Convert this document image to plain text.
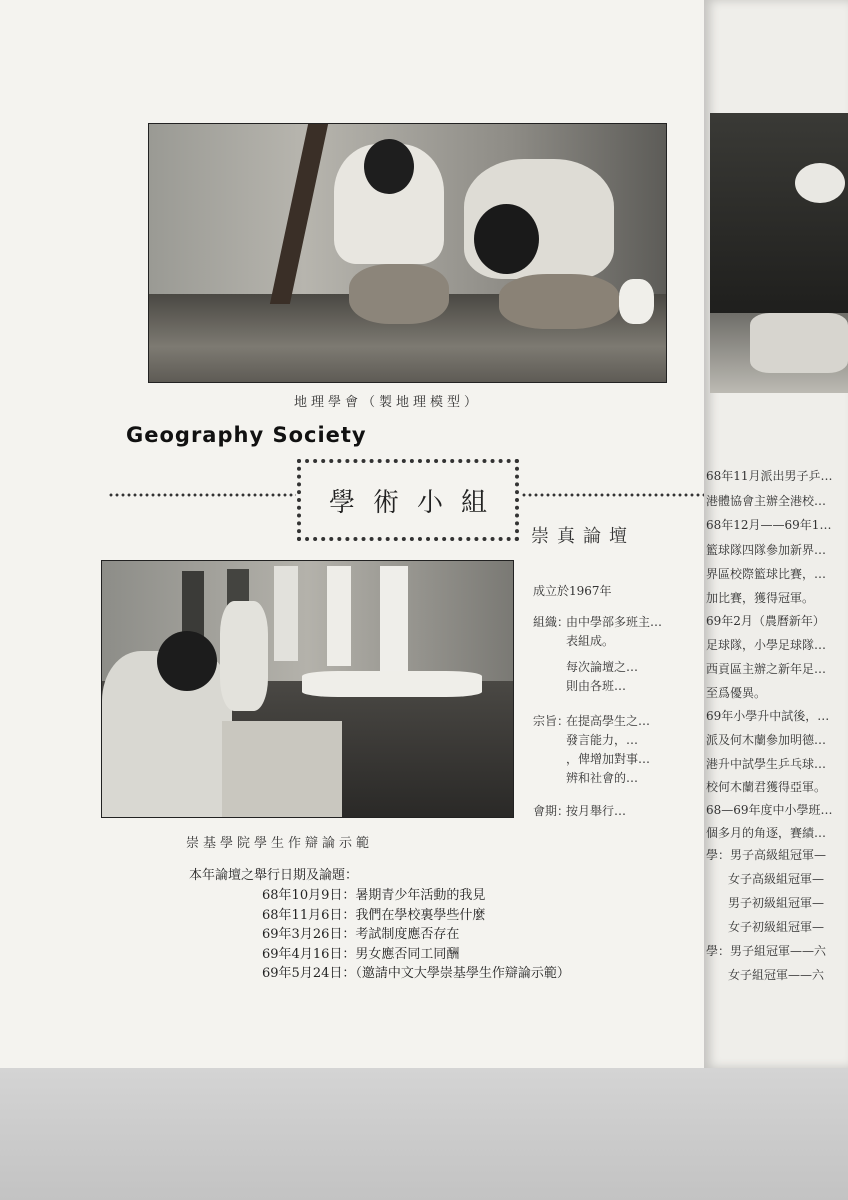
地理學會（製地理模型）
Geography Society
學術小組
崇真論壇
崇基學院學生作辯論示範
成立於1967年
組織：
由中學部多班主…
表組成。
每次論壇之…
則由各班…
宗旨：
在提高學生之…
發言能力，…
，俾增加對事…
辨和社會的…
會期：
按月舉行…
本年論壇之舉行日期及論題：
68年10月9日：暑期青少年活動的我見
68年11月6日：我們在學校裏學些什麼
69年3月26日：考試制度應否存在
69年4月16日：男女應否同工同酬
69年5月24日：（邀請中文大學崇基學生作辯論示範）
68年11月派出男子乒…
港體協會主辦全港校…
68年12月——69年1…
籃球隊四隊參加新界…
界區校際籃球比賽，…
加比賽，獲得冠軍。
69年2月（農曆新年）
足球隊，小學足球隊…
西貢區主辦之新年足…
至爲優異。
69年小學升中試後，…
派及何木蘭參加明德…
港升中試學生乒乓球…
校何木蘭君獲得亞軍。
68—69年度中小學班…
個多月的角逐，賽績…
學：男子高級組冠軍—
女子高級組冠軍—
男子初級組冠軍—
女子初級組冠軍—
學：男子組冠軍——六
女子組冠軍——六
